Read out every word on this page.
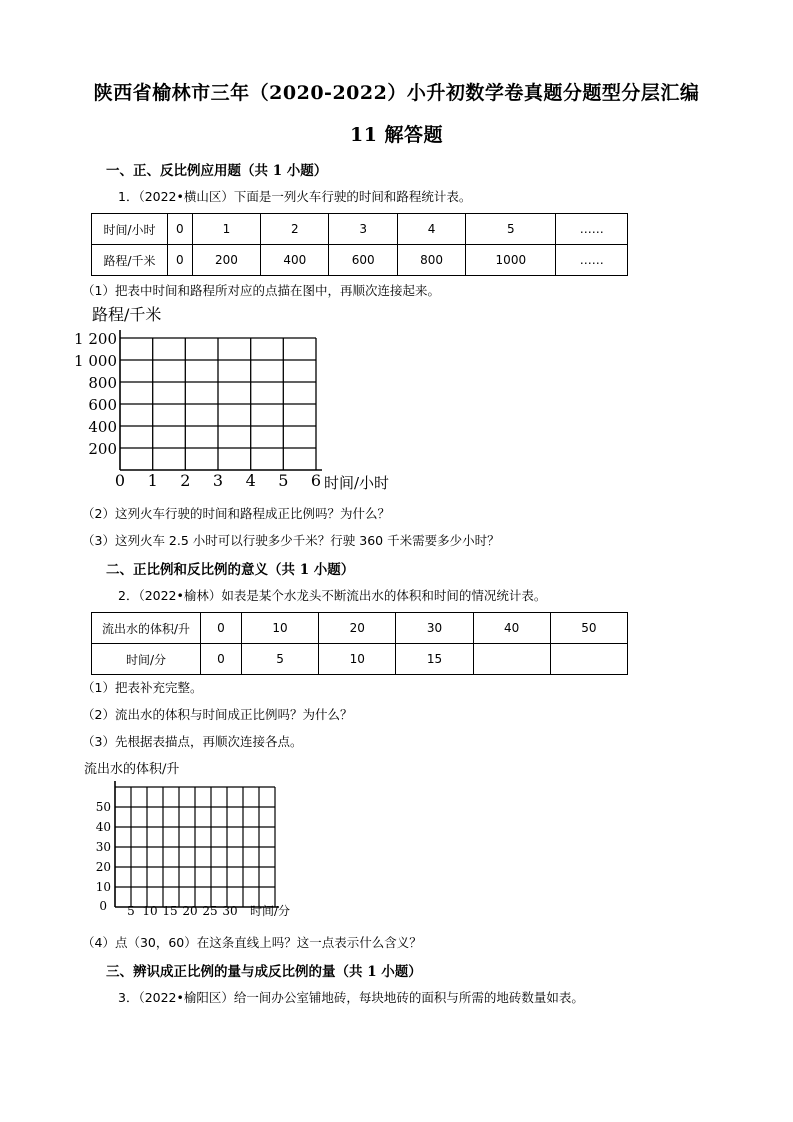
陕西省榆林市三年（2020-2022）小升初数学卷真题分题型分层汇编
11 解答题
一、正、反比例应用题（共 1 小题）
1．（2022•横山区）下面是一列火车行驶的时间和路程统计表。
时间/小时	0	1	2	3	4	5	……
路程/千米	0	200	400	600	800	1000	……
（1）把表中时间和路程所对应的点描在图中，再顺次连接起来。
路程/千米
200
400
600
800
1 000
1 200
0 1 2 3 4 5 6 时间/小时
（2）这列火车行驶的时间和路程成正比例吗？为什么？
（3）这列火车 2.5 小时可以行驶多少千米？行驶 360 千米需要多少小时？
二、正比例和反比例的意义（共 1 小题）
2．（2022•榆林）如表是某个水龙头不断流出水的体积和时间的情况统计表。
流出水的体积/升	0	10	20	30	40	50
时间/分	0	5	10	15		
（1）把表补充完整。
（2）流出水的体积与时间成正比例吗？为什么？
（3）先根据表描点，再顺次连接各点。
流出水的体积/升
10
20
30
40
50
0 5 10 15 20 25 30 时间/分
（4）点（30，60）在这条直线上吗？这一点表示什么含义？
三、辨识成正比例的量与成反比例的量（共 1 小题）
3．（2022•榆阳区）给一间办公室铺地砖，每块地砖的面积与所需的地砖数量如表。
